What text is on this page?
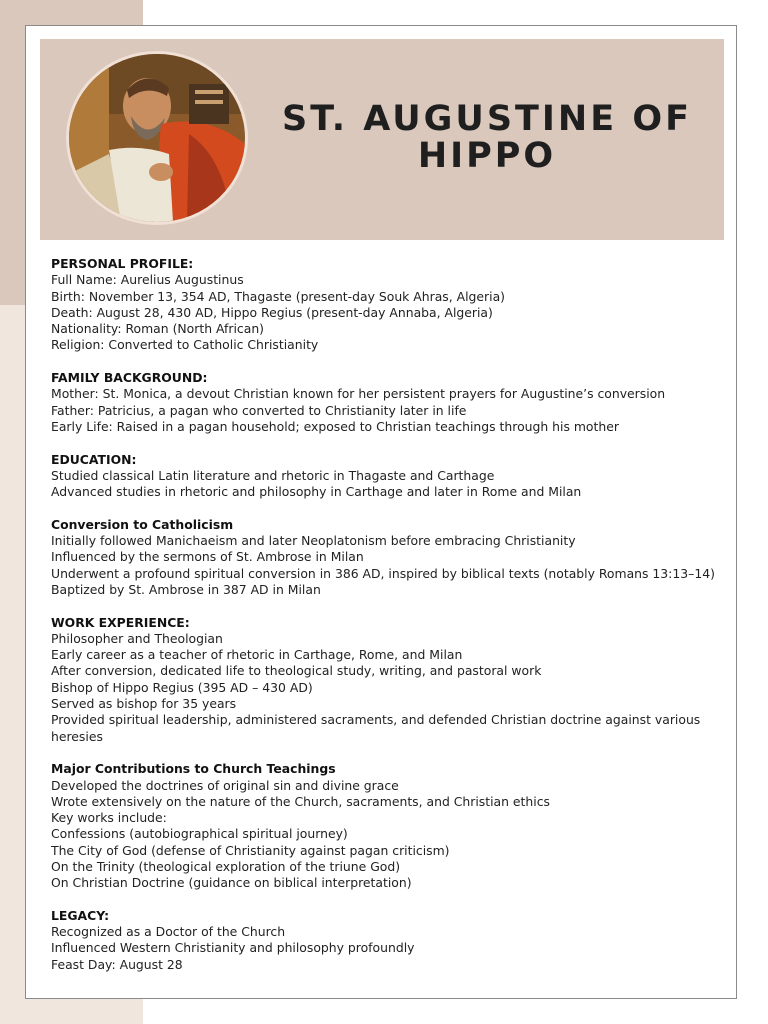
ST. AUGUSTINE OF HIPPO
PERSONAL PROFILE:
Full Name: Aurelius Augustinus
Birth: November 13, 354 AD, Thagaste (present-day Souk Ahras, Algeria)
Death: August 28, 430 AD, Hippo Regius (present-day Annaba, Algeria)
Nationality: Roman (North African)
Religion: Converted to Catholic Christianity
FAMILY BACKGROUND:
Mother: St. Monica, a devout Christian known for her persistent prayers for Augustine’s conversion
Father: Patricius, a pagan who converted to Christianity later in life
Early Life: Raised in a pagan household; exposed to Christian teachings through his mother
EDUCATION:
Studied classical Latin literature and rhetoric in Thagaste and Carthage
Advanced studies in rhetoric and philosophy in Carthage and later in Rome and Milan
Conversion to Catholicism
Initially followed Manichaeism and later Neoplatonism before embracing Christianity
Influenced by the sermons of St. Ambrose in Milan
Underwent a profound spiritual conversion in 386 AD, inspired by biblical texts (notably Romans 13:13–14)
Baptized by St. Ambrose in 387 AD in Milan
WORK EXPERIENCE:
Philosopher and Theologian
Early career as a teacher of rhetoric in Carthage, Rome, and Milan
After conversion, dedicated life to theological study, writing, and pastoral work
Bishop of Hippo Regius (395 AD – 430 AD)
Served as bishop for 35 years
Provided spiritual leadership, administered sacraments, and defended Christian doctrine against various heresies
Major Contributions to Church Teachings
Developed the doctrines of original sin and divine grace
Wrote extensively on the nature of the Church, sacraments, and Christian ethics
Key works include:
Confessions (autobiographical spiritual journey)
The City of God (defense of Christianity against pagan criticism)
On the Trinity (theological exploration of the triune God)
On Christian Doctrine (guidance on biblical interpretation)
LEGACY:
Recognized as a Doctor of the Church
Influenced Western Christianity and philosophy profoundly
Feast Day: August 28
